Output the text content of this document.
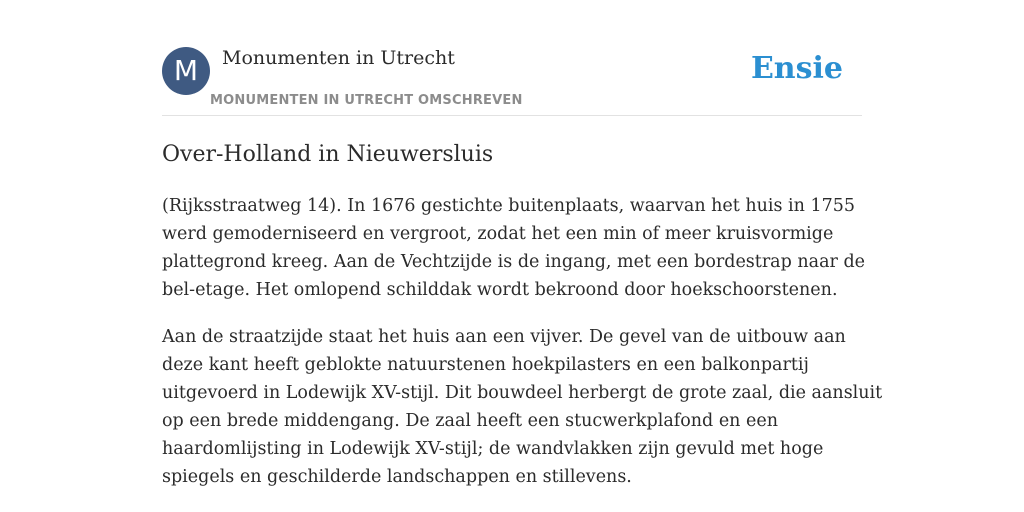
M	Monumenten in Utrecht
MONUMENTEN IN UTRECHT OMSCHREVEN
Ensie
Over-Holland in Nieuwersluis

(Rijksstraatweg 14). In 1676 gestichte buitenplaats, waarvan het huis in 1755
werd gemoderniseerd en vergroot, zodat het een min of meer kruisvormige
plattegrond kreeg. Aan de Vechtzijde is de ingang, met een bordestrap naar de
bel-etage. Het omlopend schilddak wordt bekroond door hoekschoorstenen.

Aan de straatzijde staat het huis aan een vijver. De gevel van de uitbouw aan
deze kant heeft geblokte natuurstenen hoekpilasters en een balkonpartij
uitgevoerd in Lodewijk XV-stijl. Dit bouwdeel herbergt de grote zaal, die aansluit
op een brede middengang. De zaal heeft een stucwerkplafond en een
haardomlijsting in Lodewijk XV-stijl; de wandvlakken zijn gevuld met hoge
spiegels en geschilderde landschappen en stillevens.
